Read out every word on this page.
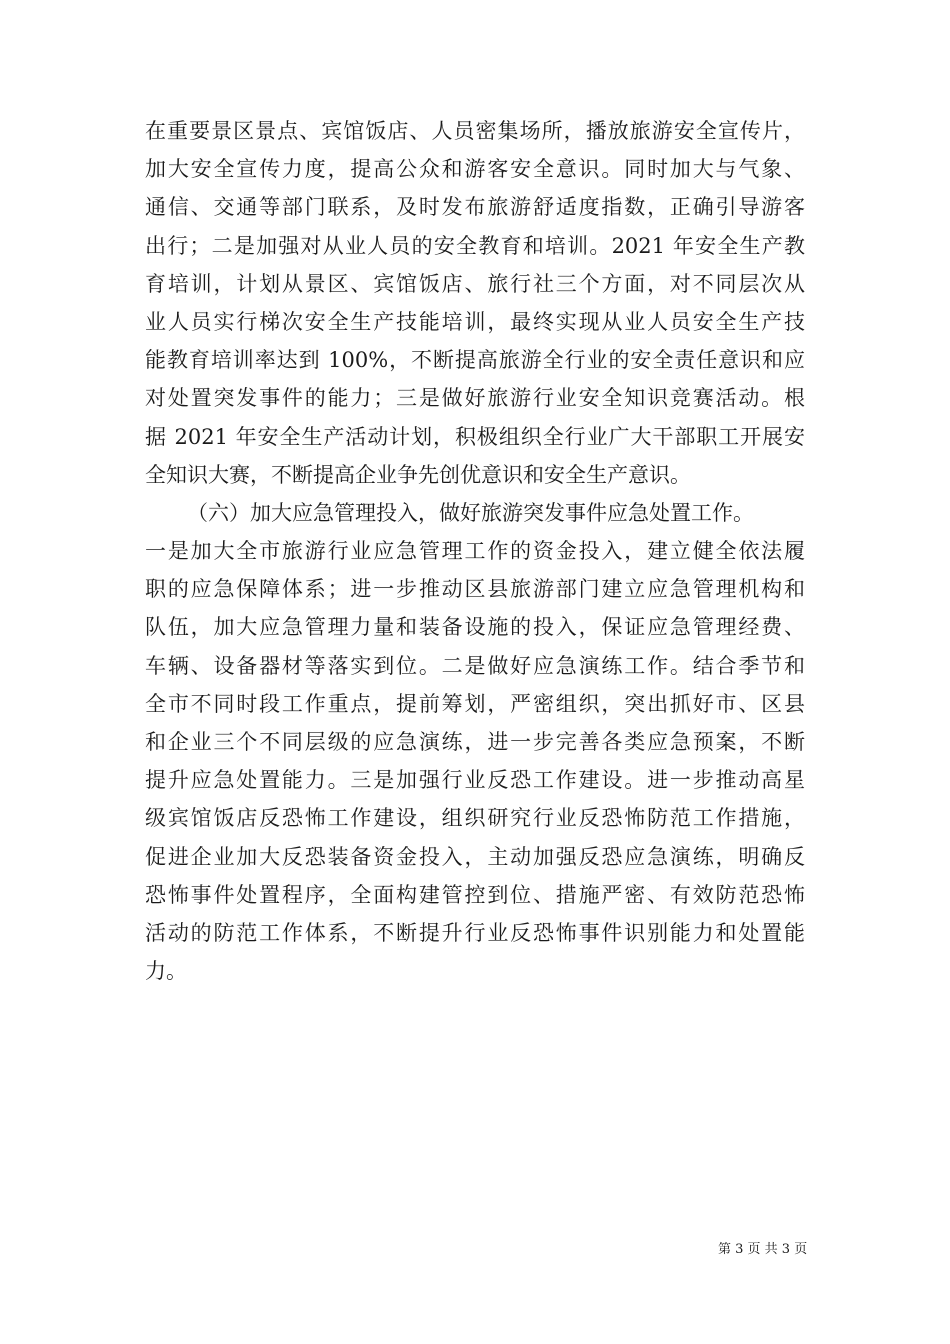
在重要景区景点、宾馆饭店、人员密集场所，播放旅游安全宣传片，
加大安全宣传力度，提高公众和游客安全意识。同时加大与气象、
通信、交通等部门联系，及时发布旅游舒适度指数，正确引导游客
出行；二是加强对从业人员的安全教育和培训。2021 年安全生产教
育培训，计划从景区、宾馆饭店、旅行社三个方面，对不同层次从
业人员实行梯次安全生产技能培训，最终实现从业人员安全生产技
能教育培训率达到 100%，不断提高旅游全行业的安全责任意识和应
对处置突发事件的能力；三是做好旅游行业安全知识竞赛活动。根
据 2021 年安全生产活动计划，积极组织全行业广大干部职工开展安
全知识大赛，不断提高企业争先创优意识和安全生产意识。
（六）加大应急管理投入，做好旅游突发事件应急处置工作。
一是加大全市旅游行业应急管理工作的资金投入，建立健全依法履
职的应急保障体系；进一步推动区县旅游部门建立应急管理机构和
队伍，加大应急管理力量和装备设施的投入，保证应急管理经费、
车辆、设备器材等落实到位。二是做好应急演练工作。结合季节和
全市不同时段工作重点，提前筹划，严密组织，突出抓好市、区县
和企业三个不同层级的应急演练，进一步完善各类应急预案，不断
提升应急处置能力。三是加强行业反恐工作建设。进一步推动高星
级宾馆饭店反恐怖工作建设，组织研究行业反恐怖防范工作措施，
促进企业加大反恐装备资金投入，主动加强反恐应急演练，明确反
恐怖事件处置程序，全面构建管控到位、措施严密、有效防范恐怖
活动的防范工作体系，不断提升行业反恐怖事件识别能力和处置能
力。
第 3 页 共 3 页
